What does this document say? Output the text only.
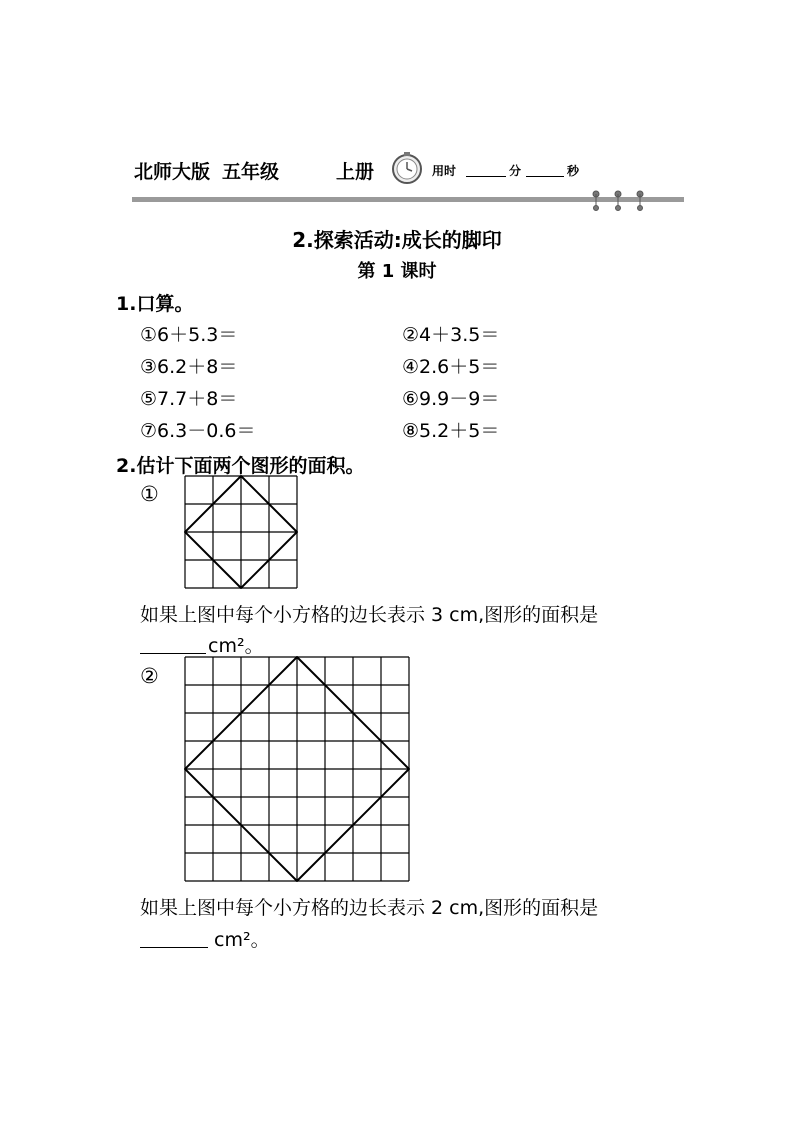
北师大版 五年级	上册	用时	分	秒
2.探索活动:成长的脚印
第 1 课时
1.口算。
①6＋5.3＝	②4＋3.5＝
③6.2＋8＝	④2.6＋5＝
⑤7.7＋8＝	⑥9.9－9＝
⑦6.3－0.6＝	⑧5.2＋5＝
2.估计下面两个图形的面积。
①
如果上图中每个小方格的边长表示 3 cm,图形的面积是
cm²。
②
如果上图中每个小方格的边长表示 2 cm,图形的面积是
cm²。
